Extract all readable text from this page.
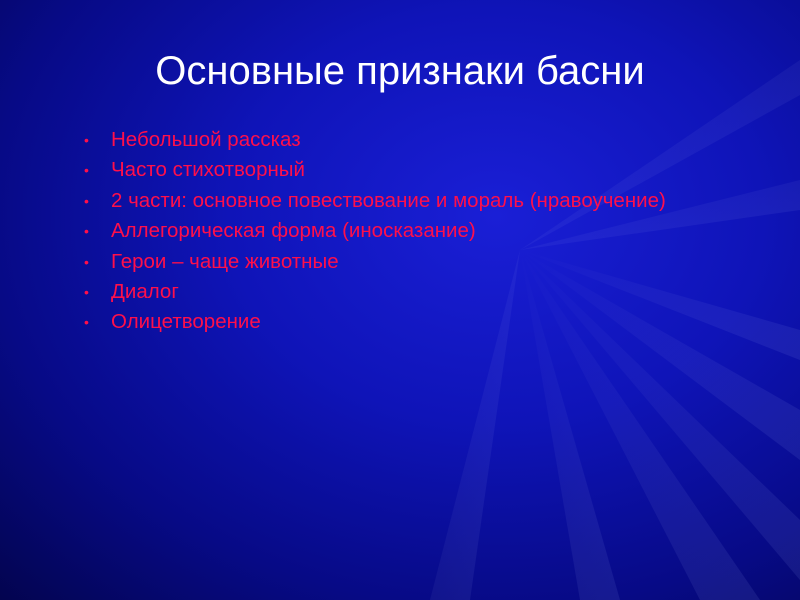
Основные признаки басни
• Небольшой рассказ
• Часто стихотворный
• 2 части: основное повествование и мораль (нравоучение)
• Аллегорическая форма (иносказание)
• Герои – чаще животные
• Диалог
• Олицетворение
